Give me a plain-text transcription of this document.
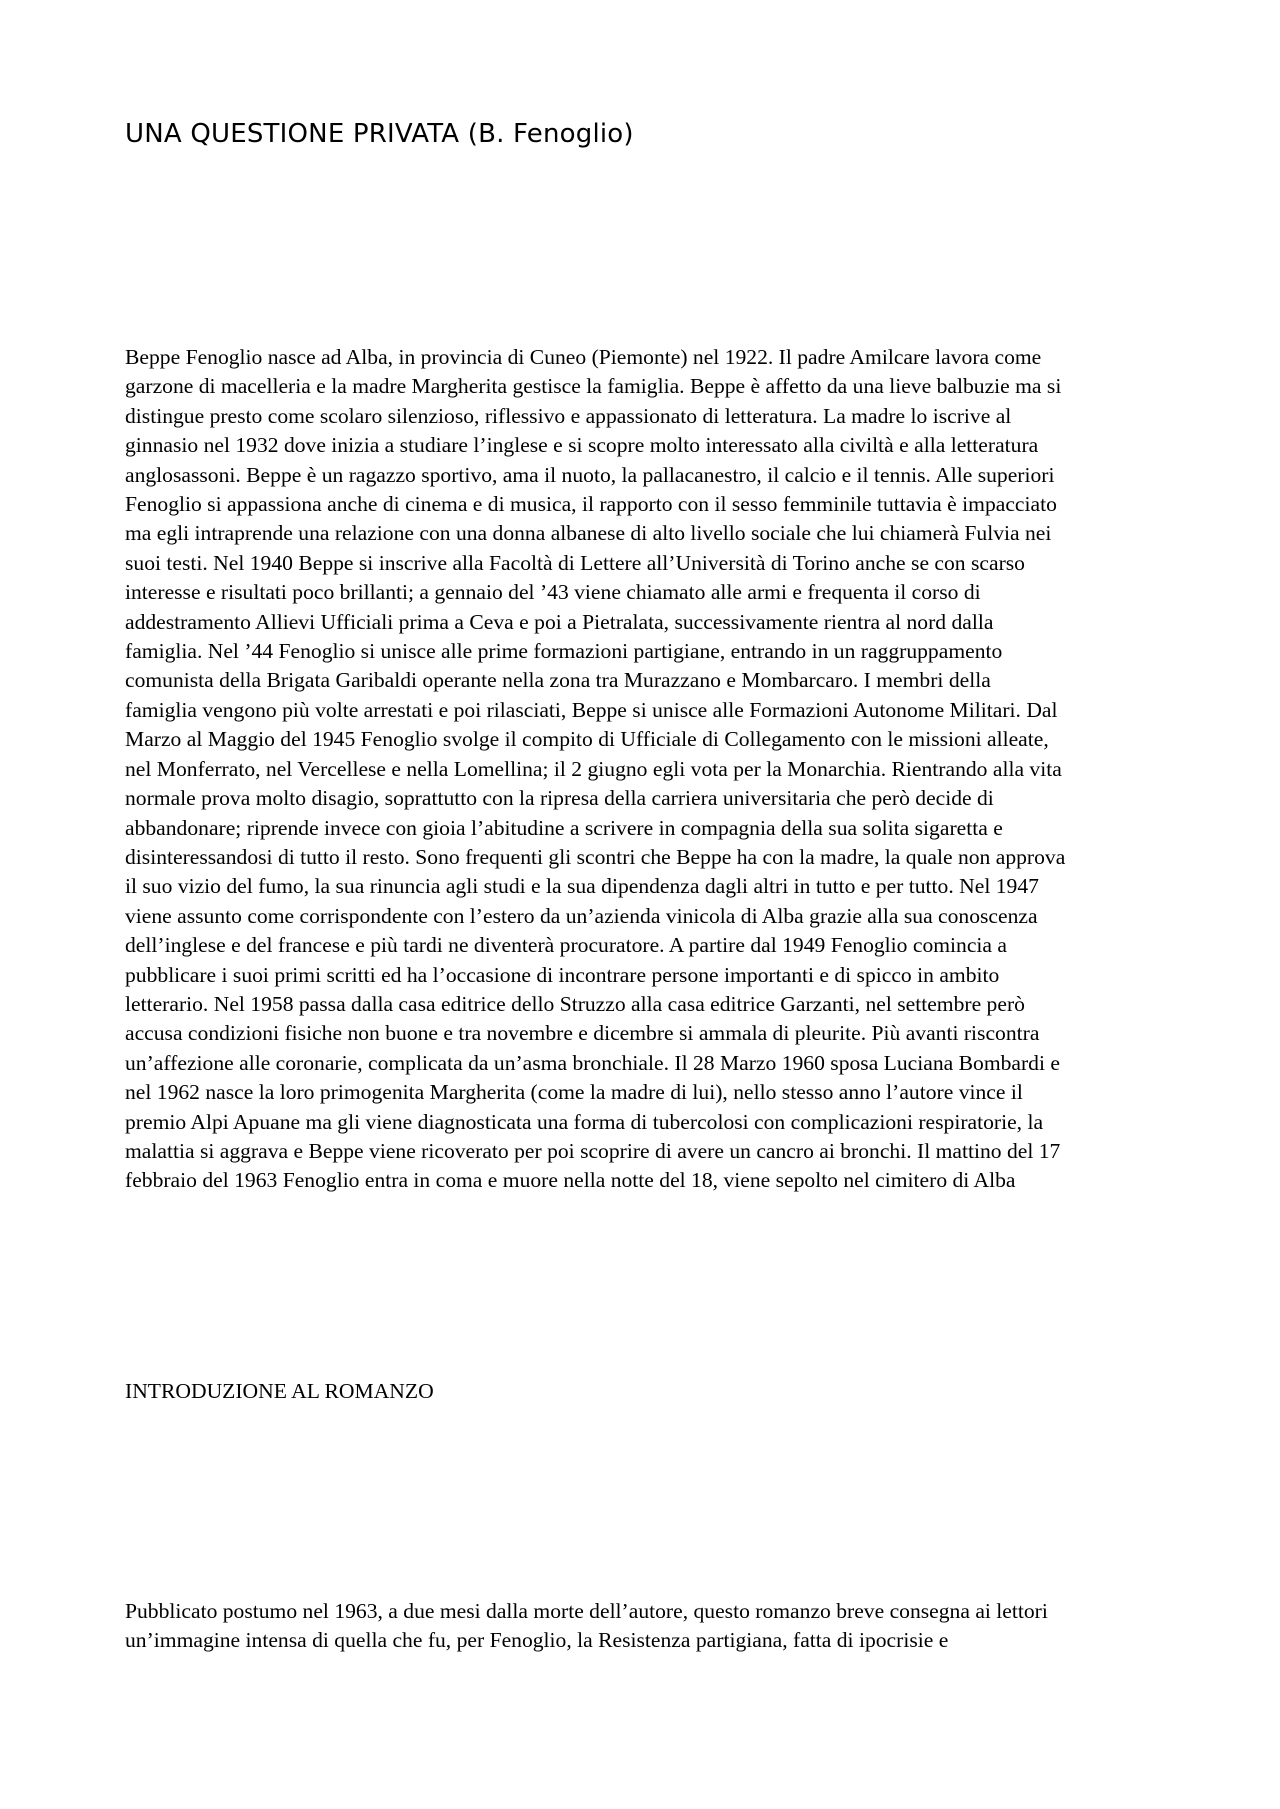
UNA QUESTIONE PRIVATA (B. Fenoglio)

Beppe Fenoglio nasce ad Alba, in provincia di Cuneo (Piemonte) nel 1922. Il padre Amilcare lavora come
garzone di macelleria e la madre Margherita gestisce la famiglia. Beppe è affetto da una lieve balbuzie ma si
distingue presto come scolaro silenzioso, riflessivo e appassionato di letteratura. La madre lo iscrive al
ginnasio nel 1932 dove inizia a studiare l’inglese e si scopre molto interessato alla civiltà e alla letteratura
anglosassoni. Beppe è un ragazzo sportivo, ama il nuoto, la pallacanestro, il calcio e il tennis. Alle superiori
Fenoglio si appassiona anche di cinema e di musica, il rapporto con il sesso femminile tuttavia è impacciato
ma egli intraprende una relazione con una donna albanese di alto livello sociale che lui chiamerà Fulvia nei
suoi testi. Nel 1940 Beppe si inscrive alla Facoltà di Lettere all’Università di Torino anche se con scarso
interesse e risultati poco brillanti; a gennaio del ’43 viene chiamato alle armi e frequenta il corso di
addestramento Allievi Ufficiali prima a Ceva e poi a Pietralata, successivamente rientra al nord dalla
famiglia. Nel ’44 Fenoglio si unisce alle prime formazioni partigiane, entrando in un raggruppamento
comunista della Brigata Garibaldi operante nella zona tra Murazzano e Mombarcaro. I membri della
famiglia vengono più volte arrestati e poi rilasciati, Beppe si unisce alle Formazioni Autonome Militari. Dal
Marzo al Maggio del 1945 Fenoglio svolge il compito di Ufficiale di Collegamento con le missioni alleate,
nel Monferrato, nel Vercellese e nella Lomellina; il 2 giugno egli vota per la Monarchia. Rientrando alla vita
normale prova molto disagio, soprattutto con la ripresa della carriera universitaria che però decide di
abbandonare; riprende invece con gioia l’abitudine a scrivere in compagnia della sua solita sigaretta e
disinteressandosi di tutto il resto. Sono frequenti gli scontri che Beppe ha con la madre, la quale non approva
il suo vizio del fumo, la sua rinuncia agli studi e la sua dipendenza dagli altri in tutto e per tutto. Nel 1947
viene assunto come corrispondente con l’estero da un’azienda vinicola di Alba grazie alla sua conoscenza
dell’inglese e del francese e più tardi ne diventerà procuratore. A partire dal 1949 Fenoglio comincia a
pubblicare i suoi primi scritti ed ha l’occasione di incontrare persone importanti e di spicco in ambito
letterario. Nel 1958 passa dalla casa editrice dello Struzzo alla casa editrice Garzanti, nel settembre però
accusa condizioni fisiche non buone e tra novembre e dicembre si ammala di pleurite. Più avanti riscontra
un’affezione alle coronarie, complicata da un’asma bronchiale. Il 28 Marzo 1960 sposa Luciana Bombardi e
nel 1962 nasce la loro primogenita Margherita (come la madre di lui), nello stesso anno l’autore vince il
premio Alpi Apuane ma gli viene diagnosticata una forma di tubercolosi con complicazioni respiratorie, la
malattia si aggrava e Beppe viene ricoverato per poi scoprire di avere un cancro ai bronchi. Il mattino del 17
febbraio del 1963 Fenoglio entra in coma e muore nella notte del 18, viene sepolto nel cimitero di Alba

INTRODUZIONE AL ROMANZO

Pubblicato postumo nel 1963, a due mesi dalla morte dell’autore, questo romanzo breve consegna ai lettori
un’immagine intensa di quella che fu, per Fenoglio, la Resistenza partigiana, fatta di ipocrisie e
